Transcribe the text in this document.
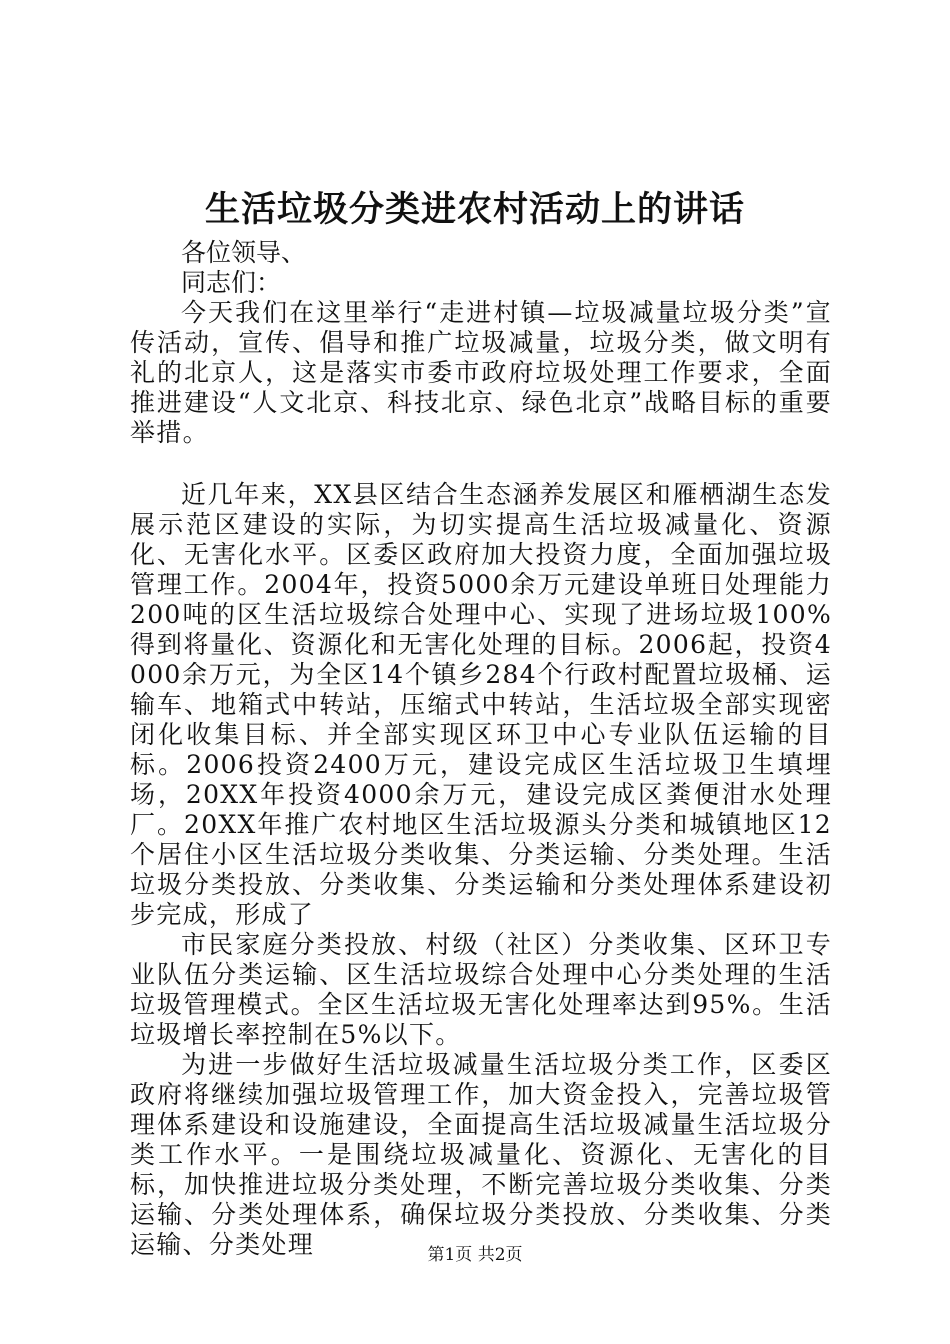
生活垃圾分类进农村活动上的讲话

各位领导、

同志们：

今天我们在这里举行“走进村镇—垃圾减量垃圾分类”宣传活动，宣传、倡导和推广垃圾减量，垃圾分类，做文明有礼的北京人，这是落实市委市政府垃圾处理工作要求，全面推进建设“人文北京、科技北京、绿色北京”战略目标的重要举措。

近几年来，XX县区结合生态涵养发展区和雁栖湖生态发展示范区建设的实际，为切实提高生活垃圾减量化、资源化、无害化水平。区委区政府加大投资力度，全面加强垃圾管理工作。2004年，投资5000余万元建设单班日处理能力200吨的区生活垃圾综合处理中心、实现了进场垃圾100%得到将量化、资源化和无害化处理的目标。2006起，投资4000余万元，为全区14个镇乡284个行政村配置垃圾桶、运输车、地箱式中转站，压缩式中转站，生活垃圾全部实现密闭化收集目标、并全部实现区环卫中心专业队伍运输的目标。2006投资2400万元，建设完成区生活垃圾卫生填埋场，20XX年投资4000余万元，建设完成区粪便泔水处理厂。20XX年推广农村地区生活垃圾源头分类和城镇地区12个居住小区生活垃圾分类收集、分类运输、分类处理。生活垃圾分类投放、分类收集、分类运输和分类处理体系建设初步完成，形成了

市民家庭分类投放、村级（社区）分类收集、区环卫专业队伍分类运输、区生活垃圾综合处理中心分类处理的生活垃圾管理模式。全区生活垃圾无害化处理率达到95%。生活垃圾增长率控制在5%以下。

为进一步做好生活垃圾减量生活垃圾分类工作，区委区政府将继续加强垃圾管理工作，加大资金投入，完善垃圾管理体系建设和设施建设，全面提高生活垃圾减量生活垃圾分类工作水平。一是围绕垃圾减量化、资源化、无害化的目标，加快推进垃圾分类处理，不断完善垃圾分类收集、分类运输、分类处理体系，确保垃圾分类投放、分类收集、分类运输、分类处理	第1页 共2页
